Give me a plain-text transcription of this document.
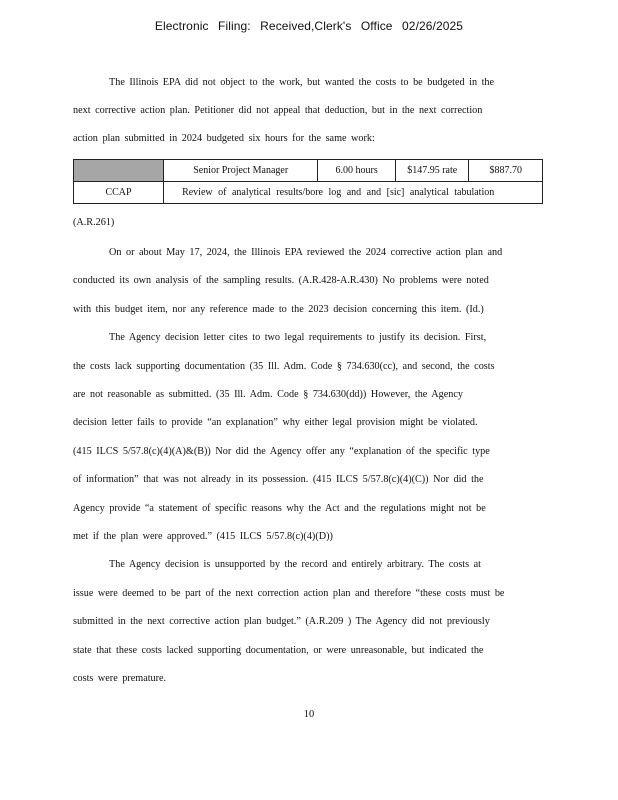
Electronic Filing: Received,Clerk's Office 02/26/2025
The Illinois EPA did not object to the work, but wanted the costs to be budgeted in the
next corrective action plan. Petitioner did not appeal that deduction, but in the next correction
action plan submitted in 2024 budgeted six hours for the same work:
	Senior Project Manager	6.00 hours	$147.95 rate	$887.70
CCAP	Review of analytical results/bore log and and [sic] analytical tabulation			
(A.R.261)
On or about May 17, 2024, the Illinois EPA reviewed the 2024 corrective action plan and
conducted its own analysis of the sampling results. (A.R.428-A.R.430) No problems were noted
with this budget item, nor any reference made to the 2023 decision concerning this item. (Id.)
The Agency decision letter cites to two legal requirements to justify its decision. First,
the costs lack supporting documentation (35 Ill. Adm. Code § 734.630(cc), and second, the costs
are not reasonable as submitted. (35 Ill. Adm. Code § 734.630(dd)) However, the Agency
decision letter fails to provide “an explanation” why either legal provision might be violated.
(415 ILCS 5/57.8(c)(4)(A)&(B)) Nor did the Agency offer any “explanation of the specific type
of information” that was not already in its possession. (415 ILCS 5/57.8(c)(4)(C)) Nor did the
Agency provide “a statement of specific reasons why the Act and the regulations might not be
met if the plan were approved.” (415 ILCS 5/57.8(c)(4)(D))
The Agency decision is unsupported by the record and entirely arbitrary. The costs at
issue were deemed to be part of the next correction action plan and therefore “these costs must be
submitted in the next corrective action plan budget.” (A.R.209 ) The Agency did not previously
state that these costs lacked supporting documentation, or were unreasonable, but indicated the
costs were premature.
10
